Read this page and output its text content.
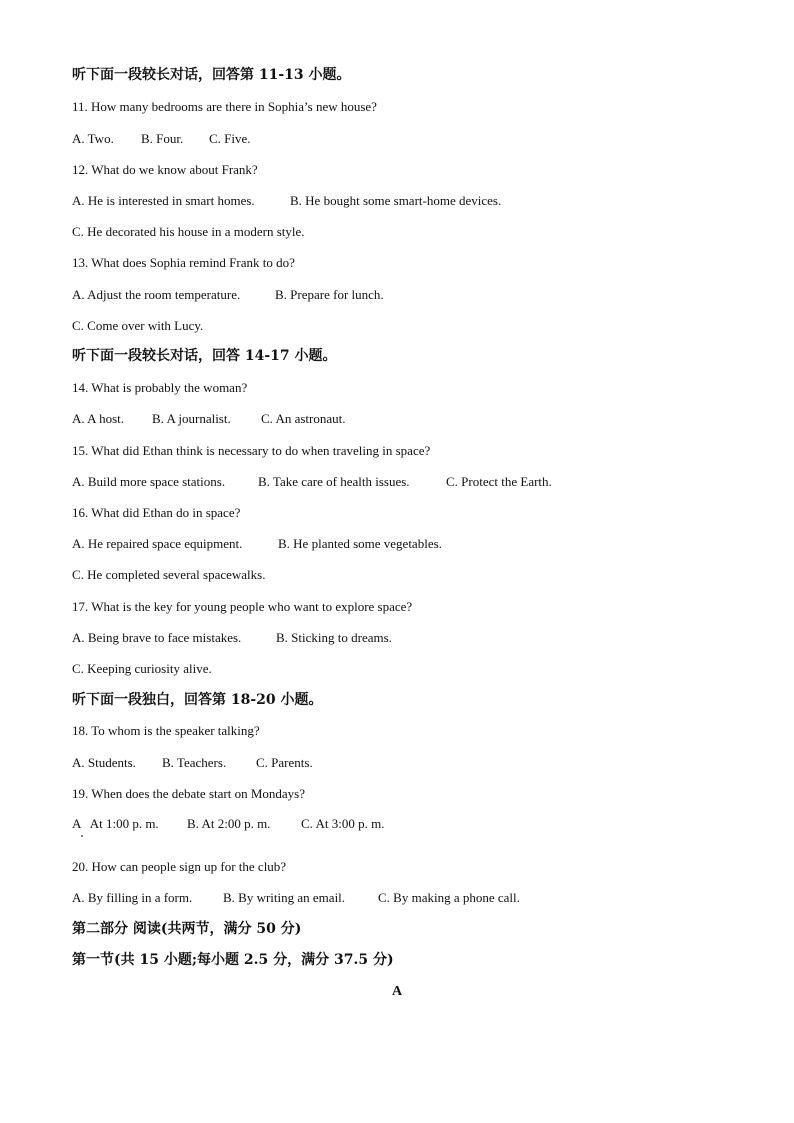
听下面一段较长对话，回答第 11-13 小题。
11. How many bedrooms are there in Sophia’s new house?
A. Two. B. Four. C. Five.
12. What do we know about Frank?
A. He is interested in smart homes.	B. He bought some smart-home devices.
C. He decorated his house in a modern style.
13. What does Sophia remind Frank to do?
A. Adjust the room temperature.	B. Prepare for lunch.
C. Come over with Lucy.
听下面一段较长对话，回答 14-17 小题。
14. What is probably the woman?
A. A host. B. A journalist. C. An astronaut.
15. What did Ethan think is necessary to do when traveling in space?
A. Build more space stations.	B. Take care of health issues.	C. Protect the Earth.
16. What did Ethan do in space?
A. He repaired space equipment.	B. He planted some vegetables.
C. He completed several spacewalks.
17. What is the key for young people who want to explore space?
A. Being brave to face mistakes.	B. Sticking to dreams.
C. Keeping curiosity alive.
听下面一段独白，回答第 18-20 小题。
18. To whom is the speaker talking?
A. Students. B. Teachers. C. Parents.
19. When does the debate start on Mondays?
A   At 1:00 p. m. B. At 2:00 p. m. C. At 3:00 p. m.
20. How can people sign up for the club?
A. By filling in a form. B. By writing an email.	C. By making a phone call.
第二部分 阅读(共两节，满分 50 分)
第一节(共 15 小题;每小题 2.5 分，满分 37.5 分)
A
